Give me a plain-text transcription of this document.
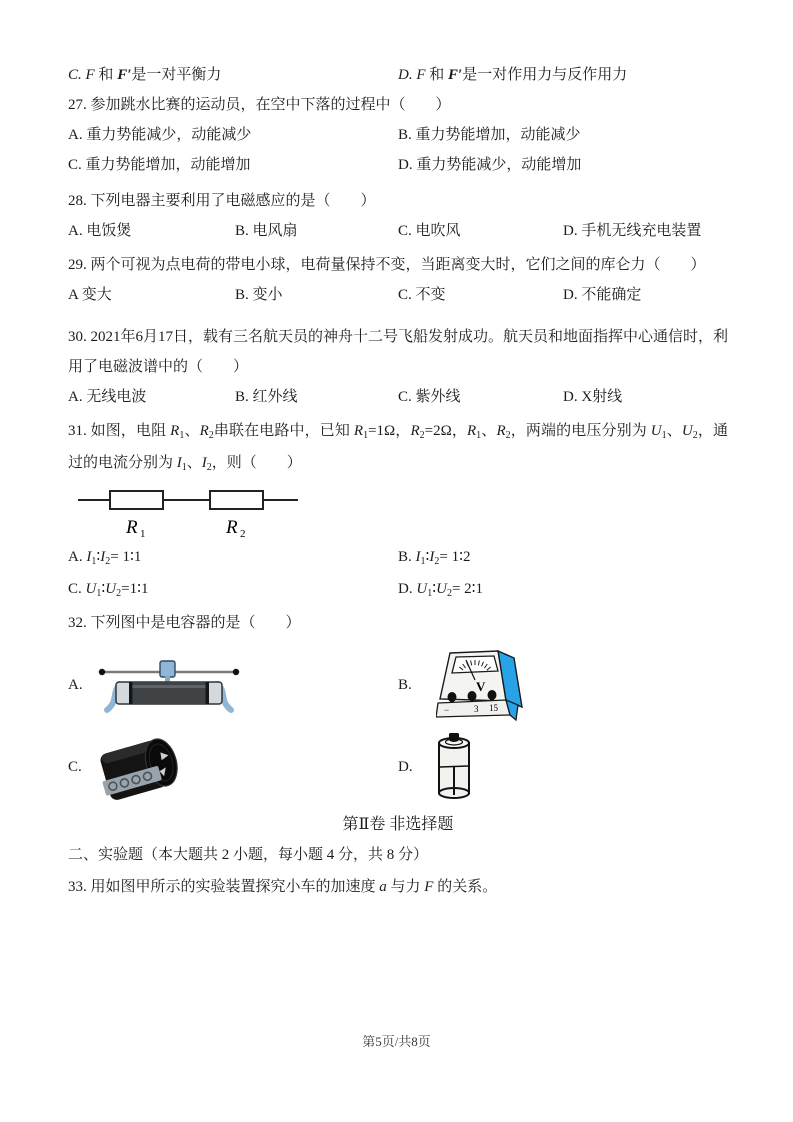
C. F 和 F′是一对平衡力	D. F 和 F′是一对作用力与反作用力
27. 参加跳水比赛的运动员，在空中下落的过程中（　　）
A. 重力势能减少，动能减少	B. 重力势能增加，动能减少
C. 重力势能增加，动能增加	D. 重力势能减少，动能增加
28. 下列电器主要利用了电磁感应的是（　　）
A. 电饭煲	B. 电风扇	C. 电吹风	D. 手机无线充电装置
29. 两个可视为点电荷的带电小球，电荷量保持不变，当距离变大时，它们之间的库仑力（　　）
A 变大	B. 变小	C. 不变	D. 不能确定
30. 2021年6月17日，载有三名航天员的神舟十二号飞船发射成功。航天员和地面指挥中心通信时，利用了电磁波谱中的（　　）
A. 无线电波	B. 红外线	C. 紫外线	D. X射线
31. 如图，电阻 $R_1$、$R_2$串联在电路中，已知 $R_1=1\Omega$，$R_2=2\Omega$，$R_1$、$R_2$，两端的电压分别为 $U_1$、$U_2$，通过的电流分别为 $I_1$、$I_2$，则（　　）
R 1	R 2
A. $I_1∶I_2=$ 1∶1	B. $I_1∶I_2=$ 1∶2
C. $U_1∶U_2=1∶1$	D. $U_1∶U_2=$ 2∶1
32. 下列图中是电容器的是（　　）
A.	B.	V
−	3 15
C.	D.
第Ⅱ卷 非选择题
二、实验题（本大题共 2 小题，每小题 4 分，共 8 分）
33. 用如图甲所示的实验装置探究小车的加速度 a 与力 F 的关系。
第5页/共8页
